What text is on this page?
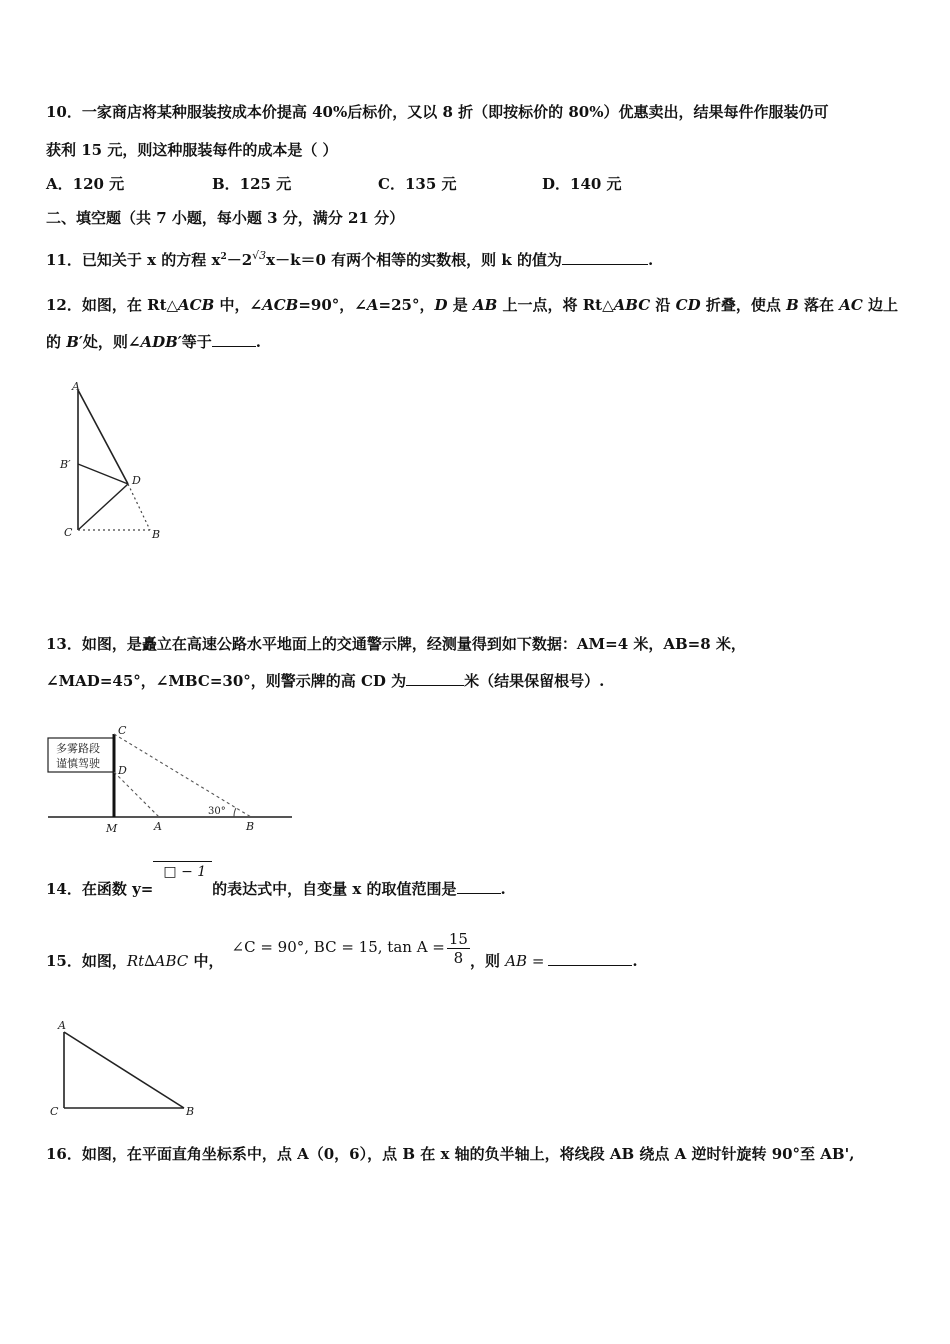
10．一家商店将某种服装按成本价提高 40%后标价，又以 8 折（即按标价的 80%）优惠卖出，结果每件作服装仍可
获利 15 元，则这种服装每件的成本是（ ）
A．120 元	B．125 元	C．135 元	D．140 元
二、填空题（共 7 小题，每小题 3 分，满分 21 分）
11．已知关于 x 的方程 $x^2-2^{√3}x-k=0$ 有两个相等的实数根，则 k 的值为	.
12．如图，在 Rt△ACB 中，∠ACB=90°，∠A=25°，D 是 AB 上一点，将 Rt△ABC 沿 CD 折叠，使点 B 落在 AC 边上
的 B′处，则∠ADB′等于	.
A
B′
D
C	B
13．如图，是矗立在高速公路水平地面上的交通警示牌，经测量得到如下数据：AM=4 米，AB=8 米，
∠MAD=45°，∠MBC=30°，则警示牌的高 CD 为	米（结果保留根号）.
多雾路段
谨慎驾驶
C
D
M	A	B
30°
14．在函数 y=□ − 1的表达式中，自变量 x 的取值范围是	.
15．如图，Rt∆ABC 中，∠C = 90°, BC = 15, $\tan A = \frac{15}{8}$ ，则 AB =	.
A
C	B
16．如图，在平面直角坐标系中，点 A（0，6），点 B 在 x 轴的负半轴上，将线段 AB 绕点 A 逆时针旋转 90°至 AB',
